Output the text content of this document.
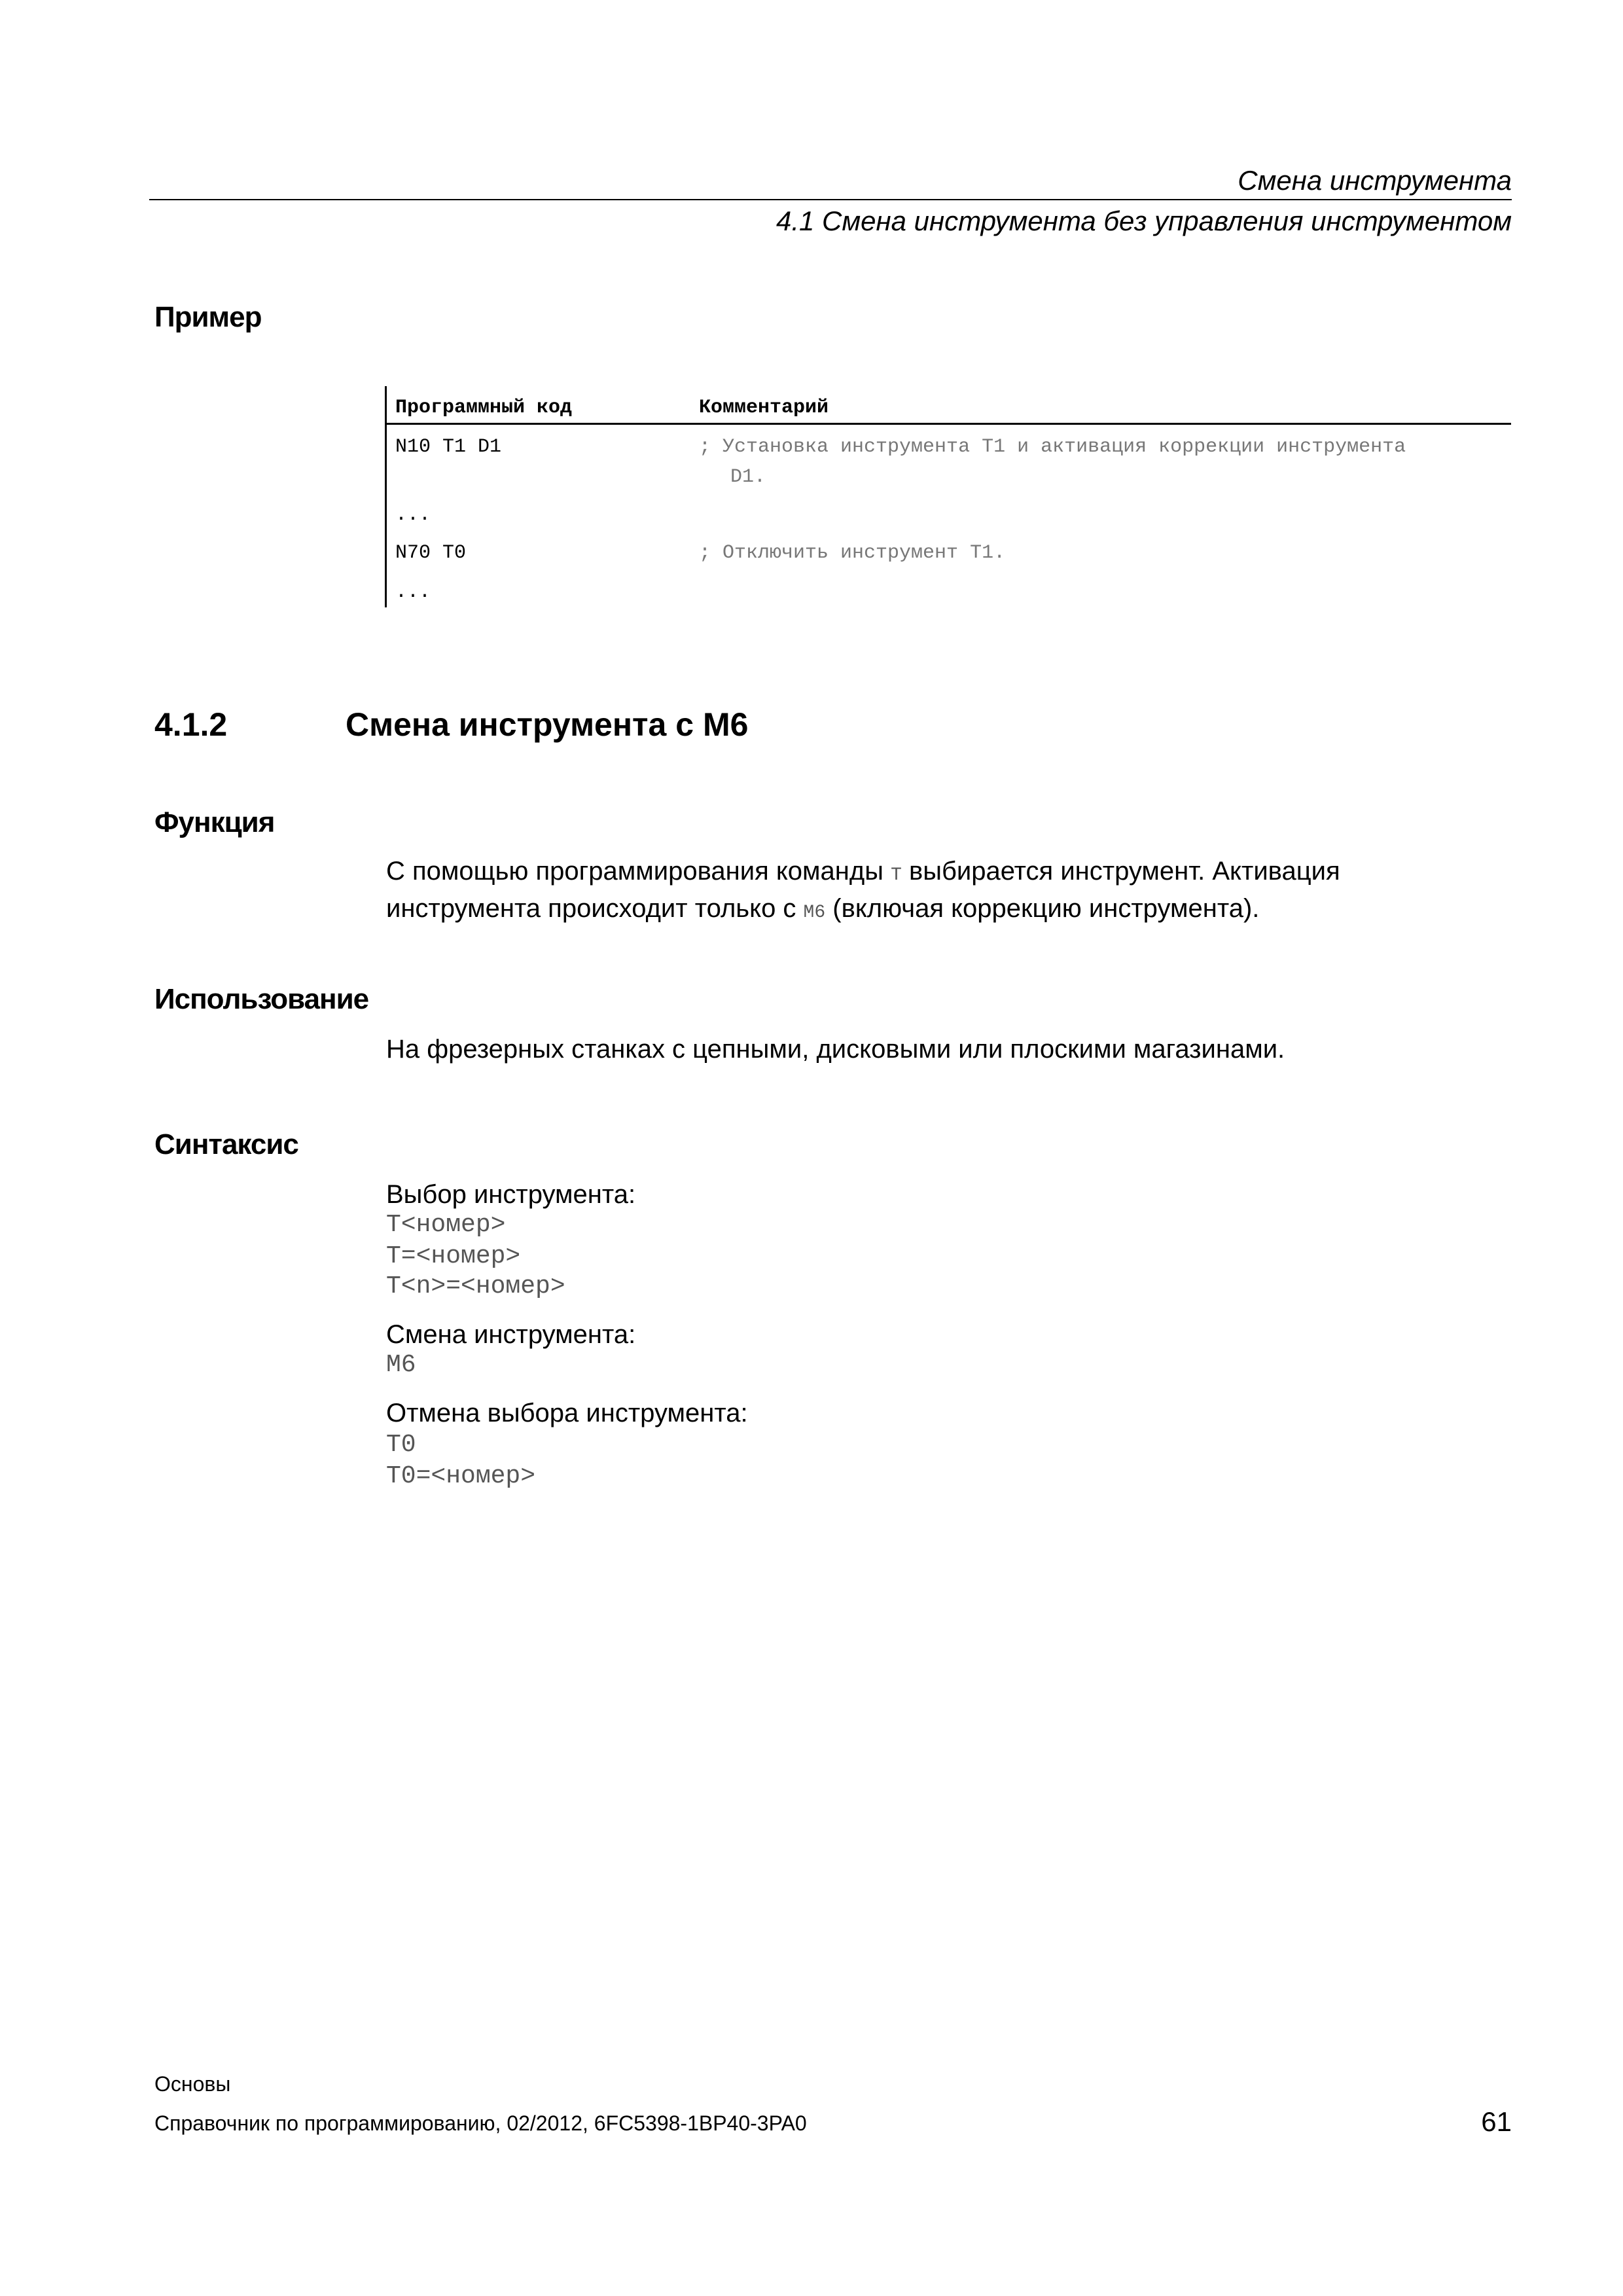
Смена инструмента
4.1 Смена инструмента без управления инструментом
Пример
Программный код	Комментарий
N10 T1 D1	; Установка инструмента T1 и активация коррекции инструмента
D1.
...
N70 T0	; Отключить инструмент T1.
...
4.1.2	Смена инструмента с M6
Функция
С помощью программирования команды T выбирается инструмент. Активация
инструмента происходит только с M6 (включая коррекцию инструмента).
Использование
На фрезерных станках с цепными, дисковыми или плоскими магазинами.
Синтаксис
Выбор инструмента:
T<номер>
T=<номер>
T<n>=<номер>
Смена инструмента:
M6
Отмена выбора инструмента:
T0
T0=<номер>
Основы
Справочник по программированию, 02/2012, 6FC5398-1BP40-3PA0	61
